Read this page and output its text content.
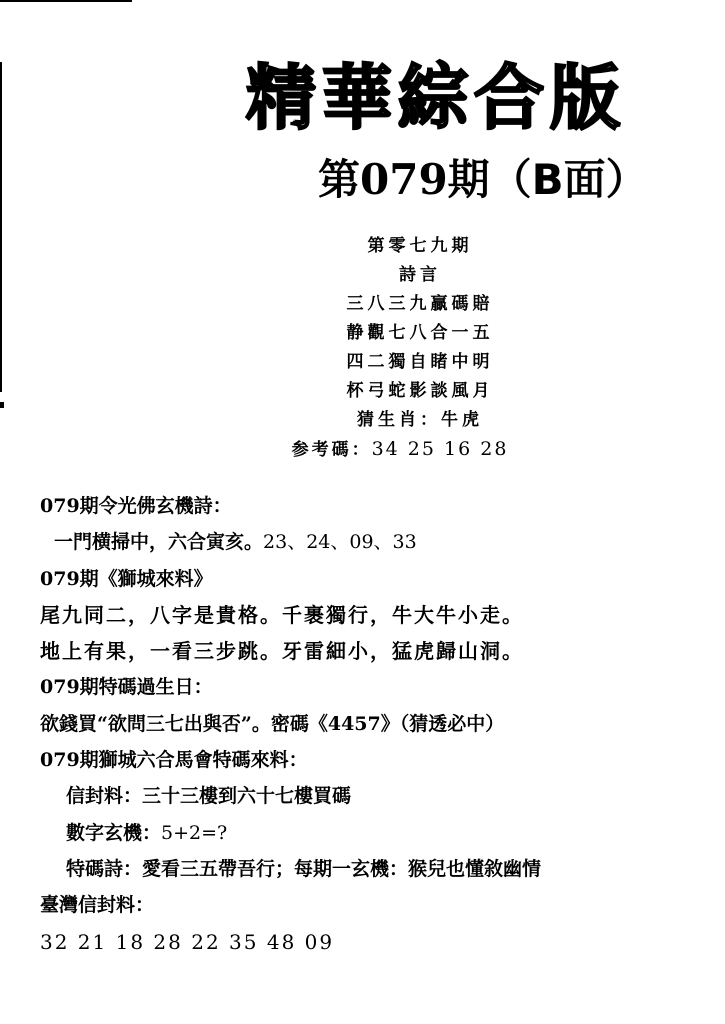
精華綜合版
第079期（B面）
第零七九期
詩言
三八三九贏碼賠
静觀七八合一五
四二獨自睹中明
杯弓蛇影談風月
猜生肖：牛虎
参考碼：34 25 16 28
079期令光佛玄機詩：
一門横掃中，六合寅亥。23、24、09、33
079期《獅城來料》
尾九同二，八字是貴格。千裹獨行，牛大牛小走。
地上有果，一看三步跳。牙雷細小，猛虎歸山洞。
079期特碼過生日：
欲錢買“欲問三七出與否”。密碼《4457》（猜透必中）
079期獅城六合馬會特碼來料：
信封料：三十三樓到六十七樓買碼
數字玄機：5+2=?
特碼詩：愛看三五帶吾行；每期一玄機：猴兒也懂敘幽情
臺灣信封料：
32 21 18 28 22 35 48 09
